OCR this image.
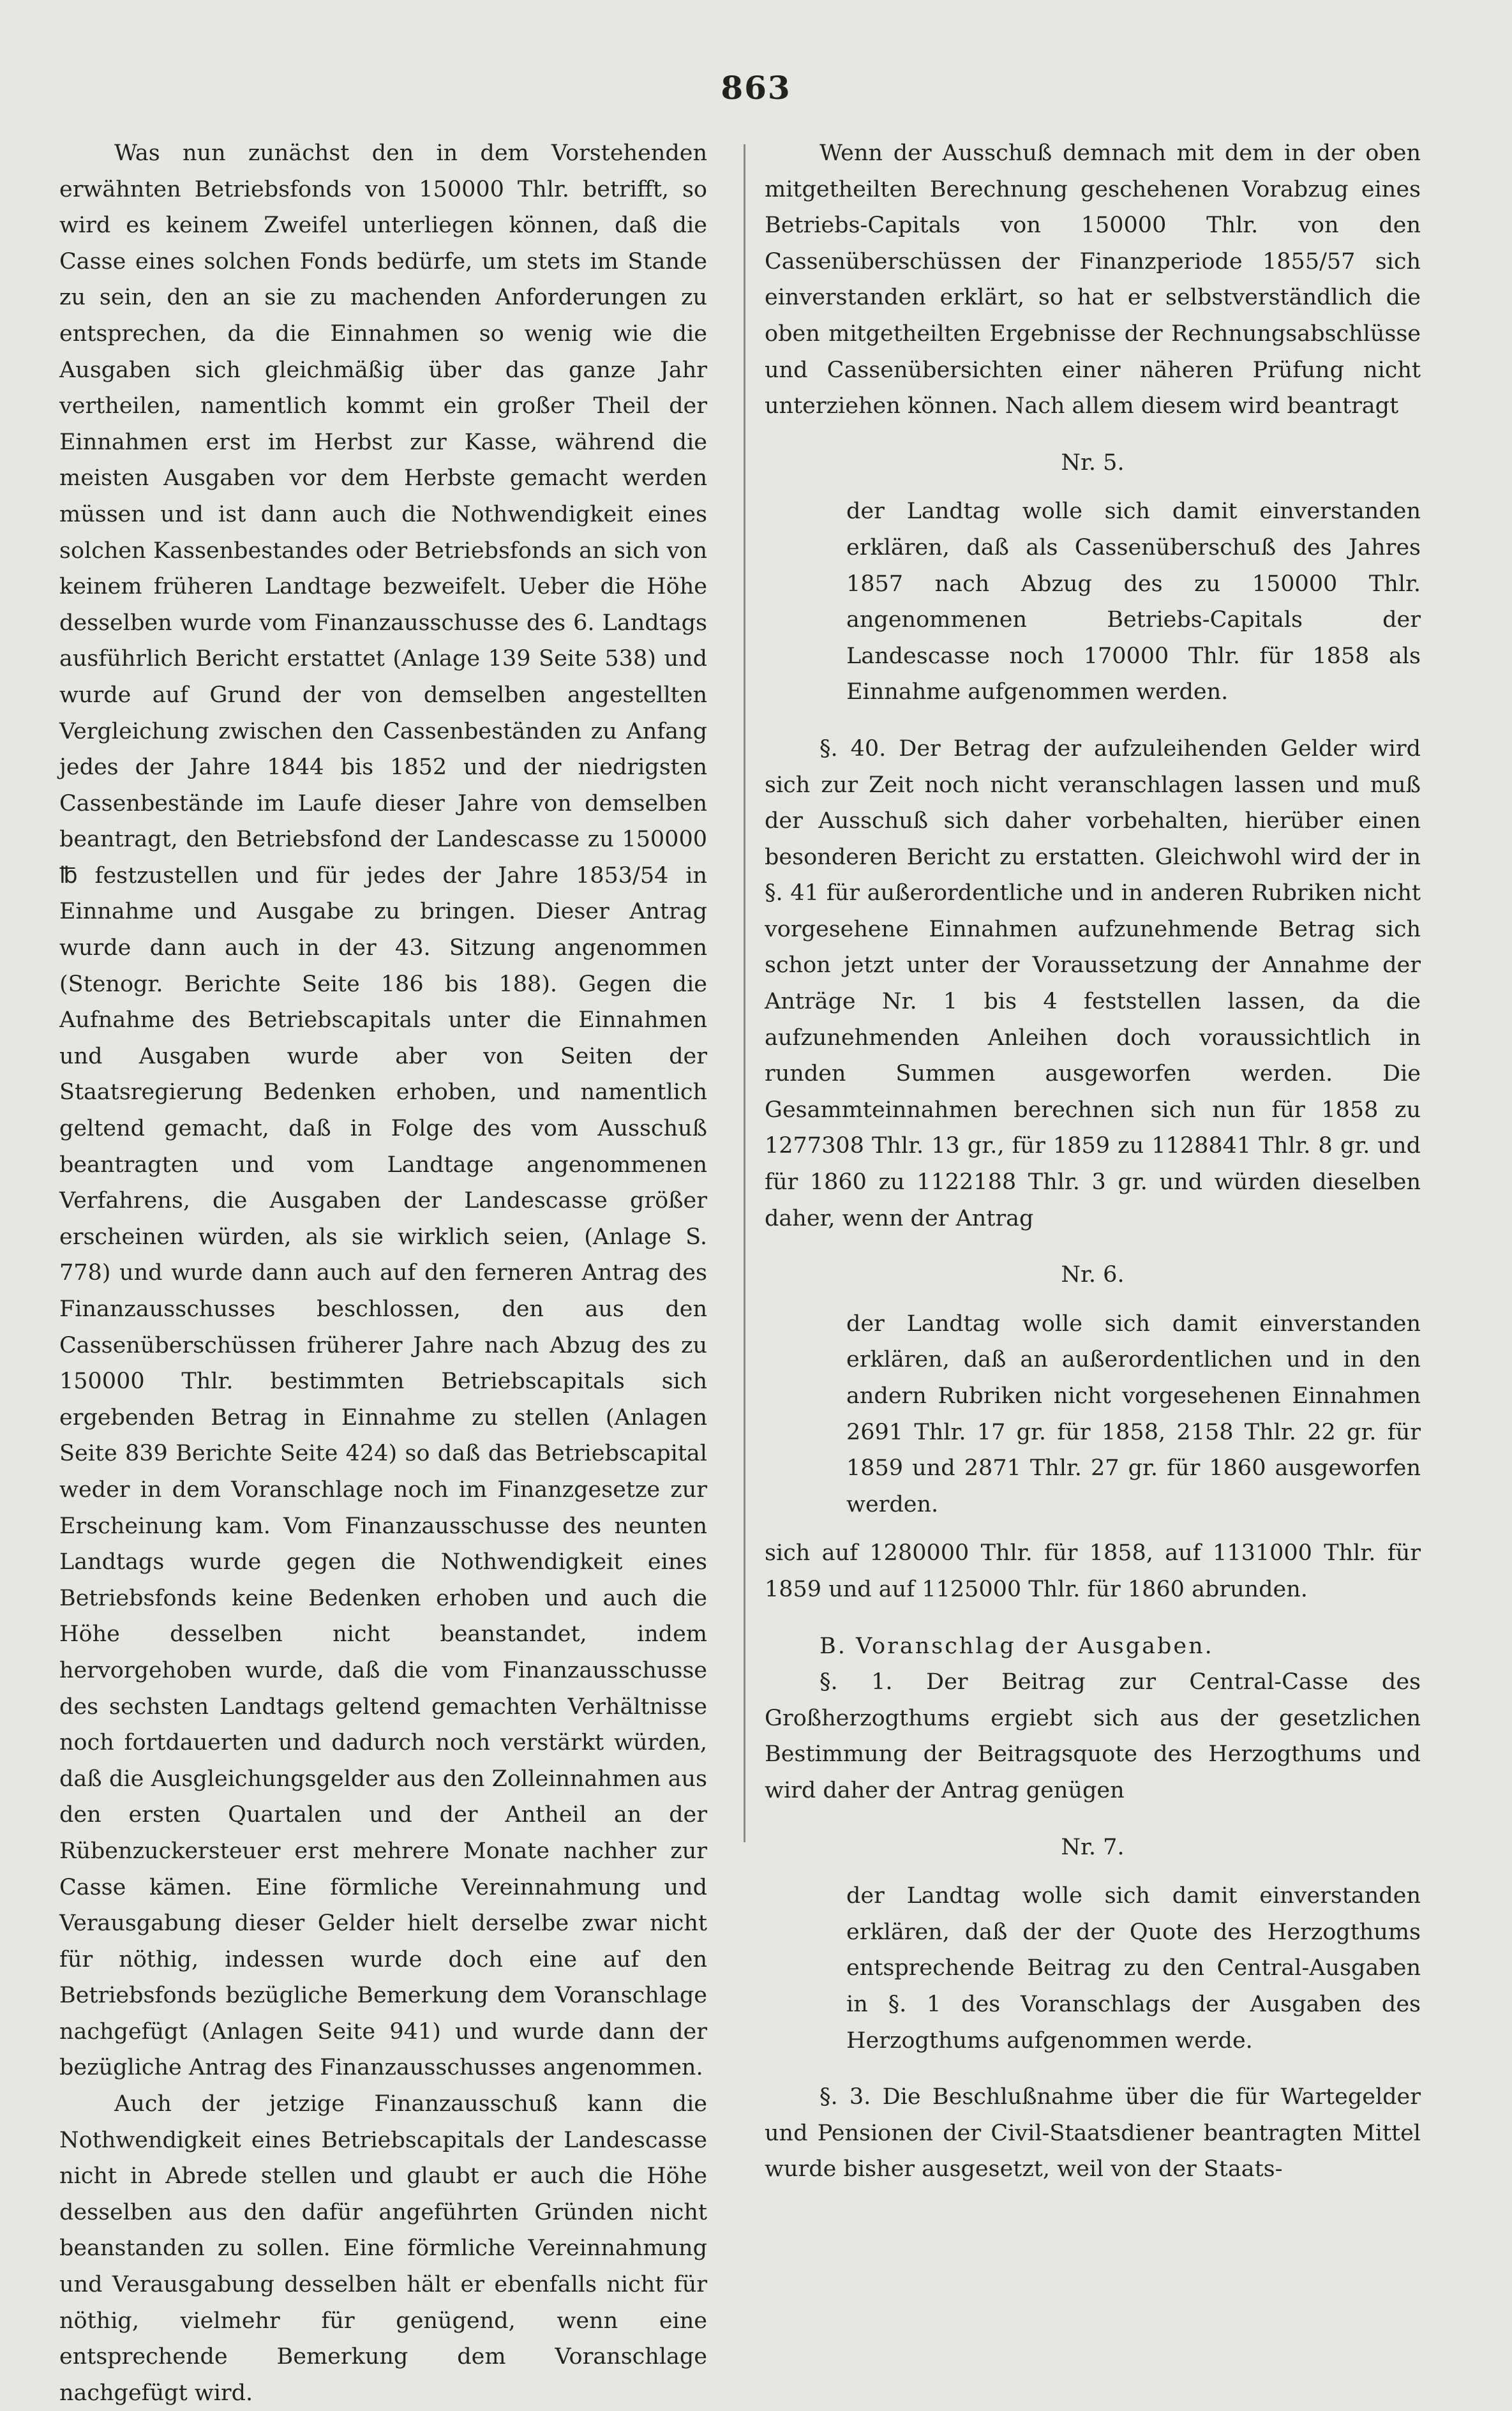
863

Was nun zunächst den in dem Vorstehenden erwähnten Betriebsfonds von 150000 Thlr. betrifft, so wird es keinem Zweifel unterliegen können, daß die Casse eines solchen Fonds bedürfe, um stets im Stande zu sein, den an sie zu machenden Anforderungen zu entsprechen, da die Einnahmen so wenig wie die Ausgaben sich gleichmäßig über das ganze Jahr vertheilen, namentlich kommt ein großer Theil der Einnahmen erst im Herbst zur Kasse, während die meisten Ausgaben vor dem Herbste gemacht werden müssen und ist dann auch die Nothwendigkeit eines solchen Kassenbestandes oder Betriebsfonds an sich von keinem früheren Landtage bezweifelt. Ueber die Höhe desselben wurde vom Finanzausschusse des 6. Landtags ausführlich Bericht erstattet (Anlage 139 Seite 538) und wurde auf Grund der von demselben angestellten Vergleichung zwischen den Cassenbeständen zu Anfang jedes der Jahre 1844 bis 1852 und der niedrigsten Cassenbestände im Laufe dieser Jahre von demselben beantragt, den Betriebsfond der Landescasse zu 150000 ℔ festzustellen und für jedes der Jahre 1853/54 in Einnahme und Ausgabe zu bringen. Dieser Antrag wurde dann auch in der 43. Sitzung angenommen (Stenogr. Berichte Seite 186 bis 188). Gegen die Aufnahme des Betriebscapitals unter die Einnahmen und Ausgaben wurde aber von Seiten der Staatsregierung Bedenken erhoben, und namentlich geltend gemacht, daß in Folge des vom Ausschuß beantragten und vom Landtage angenommenen Verfahrens, die Ausgaben der Landescasse größer erscheinen würden, als sie wirklich seien, (Anlage S. 778) und wurde dann auch auf den ferneren Antrag des Finanzausschusses beschlossen, den aus den Cassenüberschüssen früherer Jahre nach Abzug des zu 150000 Thlr. bestimmten Betriebscapitals sich ergebenden Betrag in Einnahme zu stellen (Anlagen Seite 839 Berichte Seite 424) so daß das Betriebscapital weder in dem Voranschlage noch im Finanzgesetze zur Erscheinung kam. Vom Finanzausschusse des neunten Landtags wurde gegen die Nothwendigkeit eines Betriebsfonds keine Bedenken erhoben und auch die Höhe desselben nicht beanstandet, indem hervorgehoben wurde, daß die vom Finanzausschusse des sechsten Landtags geltend gemachten Verhältnisse noch fortdauerten und dadurch noch verstärkt würden, daß die Ausgleichungsgelder aus den Zolleinnahmen aus den ersten Quartalen und der Antheil an der Rübenzuckersteuer erst mehrere Monate nachher zur Casse kämen. Eine förmliche Vereinnahmung und Verausgabung dieser Gelder hielt derselbe zwar nicht für nöthig, indessen wurde doch eine auf den Betriebsfonds bezügliche Bemerkung dem Voranschlage nachgefügt (Anlagen Seite 941) und wurde dann der bezügliche Antrag des Finanzausschusses angenommen.

Auch der jetzige Finanzausschuß kann die Nothwendigkeit eines Betriebscapitals der Landescasse nicht in Abrede stellen und glaubt er auch die Höhe desselben aus den dafür angeführten Gründen nicht beanstanden zu sollen. Eine förmliche Vereinnahmung und Verausgabung desselben hält er ebenfalls nicht für nöthig, vielmehr für genügend, wenn eine entsprechende Bemerkung dem Voranschlage nachgefügt wird.

Wenn der Ausschuß demnach mit dem in der oben mitgetheilten Berechnung geschehenen Vorabzug eines Betriebs-Capitals von 150000 Thlr. von den Cassenüberschüssen der Finanzperiode 1855/57 sich einverstanden erklärt, so hat er selbstverständlich die oben mitgetheilten Ergebnisse der Rechnungsabschlüsse und Cassenübersichten einer näheren Prüfung nicht unterziehen können. Nach allem diesem wird beantragt

Nr. 5.

der Landtag wolle sich damit einverstanden erklären, daß als Cassenüberschuß des Jahres 1857 nach Abzug des zu 150000 Thlr. angenommenen Betriebs-Capitals der Landescasse noch 170000 Thlr. für 1858 als Einnahme aufgenommen werden.

§. 40. Der Betrag der aufzuleihenden Gelder wird sich zur Zeit noch nicht veranschlagen lassen und muß der Ausschuß sich daher vorbehalten, hierüber einen besonderen Bericht zu erstatten. Gleichwohl wird der in §. 41 für außerordentliche und in anderen Rubriken nicht vorgesehene Einnahmen aufzunehmende Betrag sich schon jetzt unter der Voraussetzung der Annahme der Anträge Nr. 1 bis 4 feststellen lassen, da die aufzunehmenden Anleihen doch voraussichtlich in runden Summen ausgeworfen werden. Die Gesammteinnahmen berechnen sich nun für 1858 zu 1277308 Thlr. 13 gr., für 1859 zu 1128841 Thlr. 8 gr. und für 1860 zu 1122188 Thlr. 3 gr. und würden dieselben daher, wenn der Antrag

Nr. 6.

der Landtag wolle sich damit einverstanden erklären, daß an außerordentlichen und in den andern Rubriken nicht vorgesehenen Einnahmen 2691 Thlr. 17 gr. für 1858, 2158 Thlr. 22 gr. für 1859 und 2871 Thlr. 27 gr. für 1860 ausgeworfen werden.

sich auf 1280000 Thlr. für 1858, auf 1131000 Thlr. für 1859 und auf 1125000 Thlr. für 1860 abrunden.

B. Voranschlag der Ausgaben.

§. 1. Der Beitrag zur Central-Casse des Großherzogthums ergiebt sich aus der gesetzlichen Bestimmung der Beitragsquote des Herzogthums und wird daher der Antrag genügen

Nr. 7.

der Landtag wolle sich damit einverstanden erklären, daß der der Quote des Herzogthums entsprechende Beitrag zu den Central-Ausgaben in §. 1 des Voranschlags der Ausgaben des Herzogthums aufgenommen werde.

§. 3. Die Beschlußnahme über die für Wartegelder und Pensionen der Civil-Staatsdiener beantragten Mittel wurde bisher ausgesetzt, weil von der Staats-
